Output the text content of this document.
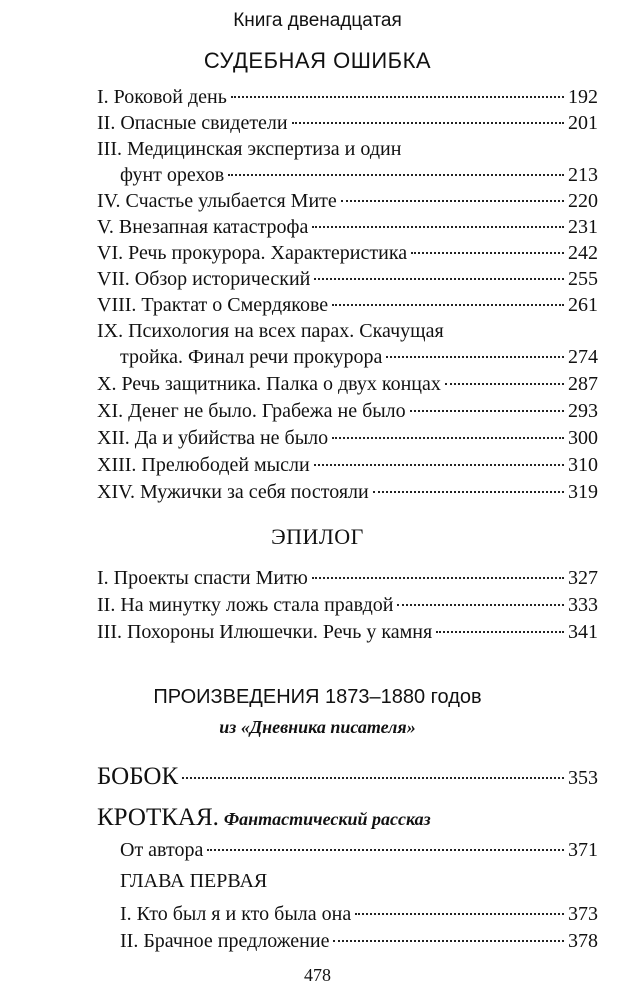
Книга двенадцатая
СУДЕБНАЯ ОШИБКА
I. Роковой день	192
II. Опасные свидетели	201
III. Медицинская экспертиза и один
фунт орехов	213
IV. Счастье улыбается Мите	220
V. Внезапная катастрофа	231
VI. Речь прокурора. Характеристика	242
VII. Обзор исторический	255
VIII. Трактат о Смердякове	261
IX. Психология на всех парах. Скачущая
тройка. Финал речи прокурора	274
X. Речь защитника. Палка о двух концах	287
XI. Денег не было. Грабежа не было	293
XII. Да и убийства не было	300
XIII. Прелюбодей мысли	310
XIV. Мужички за себя постояли	319
ЭПИЛОГ
I. Проекты спасти Митю	327
II. На минутку ложь стала правдой	333
III. Похороны Илюшечки. Речь у камня	341
ПРОИЗВЕДЕНИЯ 1873–1880 годов
из «Дневника писателя»
БОБОК	353
КРОТКАЯ. Фантастический рассказ
От автора	371
ГЛАВА ПЕРВАЯ
I. Кто был я и кто была она	373
II. Брачное предложение	378
478
